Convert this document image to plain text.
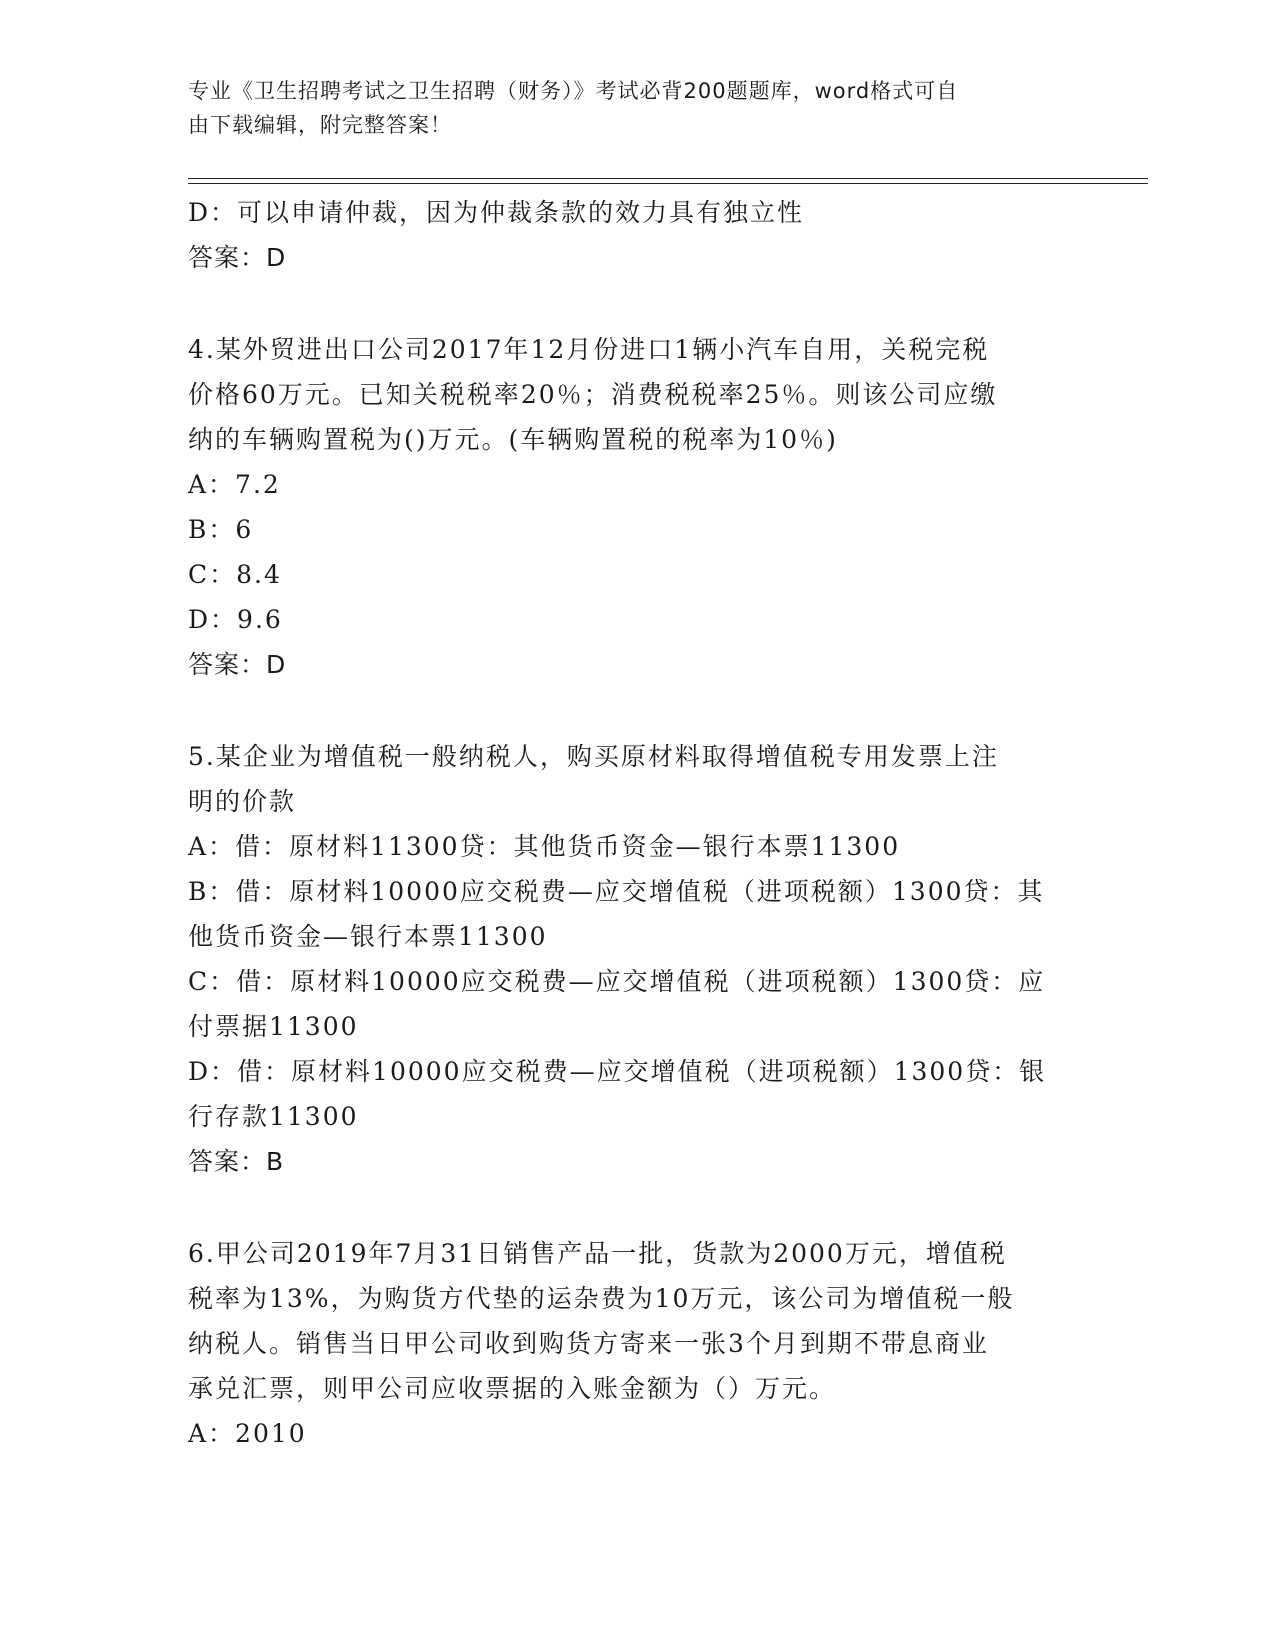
专业《卫生招聘考试之卫生招聘（财务）》考试必背200题题库，word格式可自
由下载编辑，附完整答案！

D：可以申请仲裁，因为仲裁条款的效力具有独立性

答案：D

4.某外贸进出口公司2017年12月份进口1辆小汽车自用，关税完税

价格60万元。已知关税税率20％；消费税税率25％。则该公司应缴

纳的车辆购置税为()万元。(车辆购置税的税率为10％)

A：7.2

B：6

C：8.4

D：9.6

答案：D

5.某企业为增值税一般纳税人，购买原材料取得增值税专用发票上注

明的价款

A：借：原材料11300贷：其他货币资金—银行本票11300

B：借：原材料10000应交税费—应交增值税（进项税额）1300贷：其

他货币资金—银行本票11300

C：借：原材料10000应交税费—应交增值税（进项税额）1300贷：应

付票据11300

D：借：原材料10000应交税费—应交增值税（进项税额）1300贷：银

行存款11300

答案：B

6.甲公司2019年7月31日销售产品一批，货款为2000万元，增值税

税率为13%，为购货方代垫的运杂费为10万元，该公司为增值税一般

纳税人。销售当日甲公司收到购货方寄来一张3个月到期不带息商业

承兑汇票，则甲公司应收票据的入账金额为（）万元。

A：2010
